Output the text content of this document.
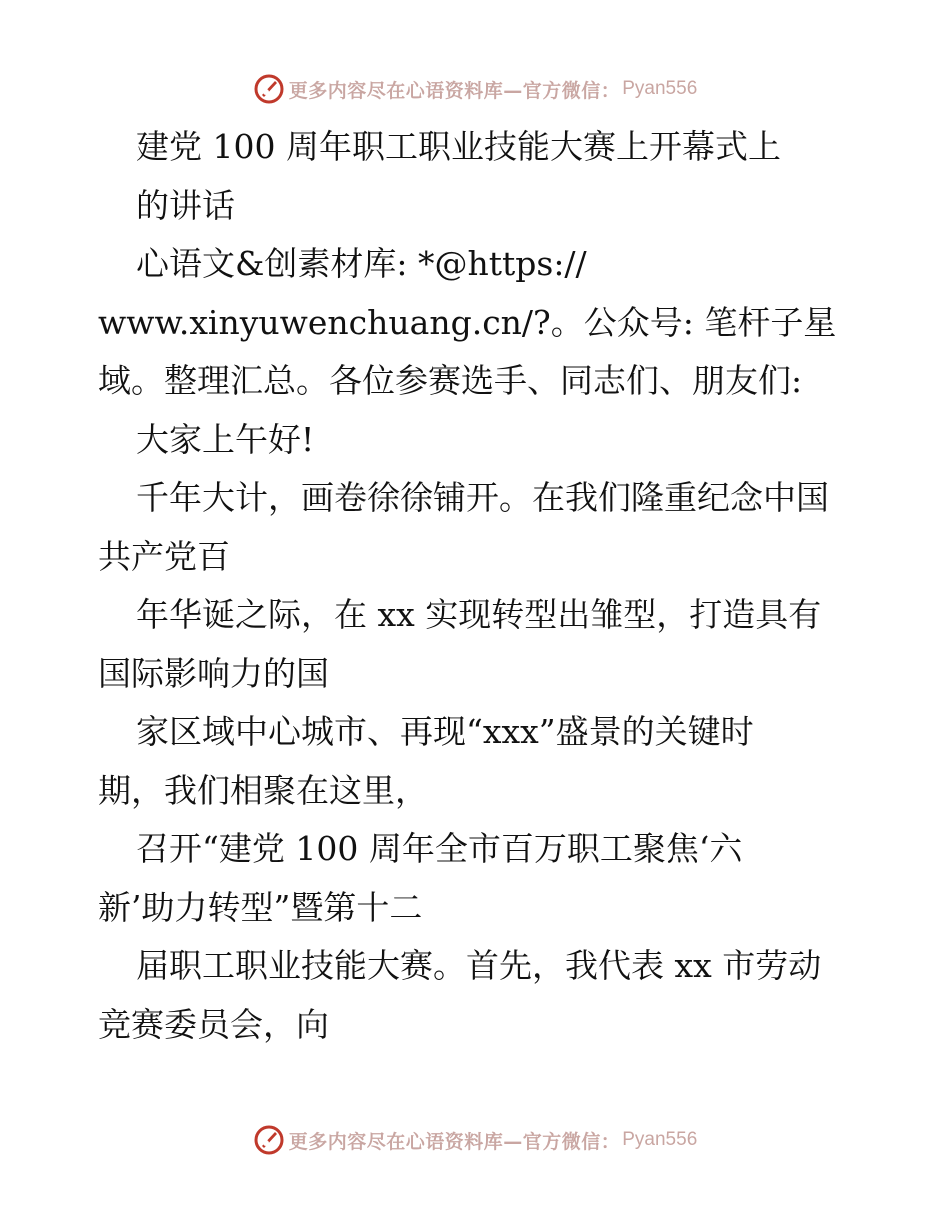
更多内容尽在心语资料库—官方微信： Pyan556
建党 100 周年职工职业技能大赛上开幕式上
的讲话
心语文&创素材库: *@https://
www.xinyuwenchuang.cn/?。公众号: 笔杆子星
域。整理汇总。各位参赛选手、同志们、朋友们:
大家上午好!
千年大计，画卷徐徐铺开。在我们隆重纪念中国
共产党百
年华诞之际，在 xx 实现转型出雏型，打造具有
国际影响力的国
家区域中心城市、再现“xxx”盛景的关键时
期，我们相聚在这里，
召开“建党 100 周年全市百万职工聚焦‘六
新’助力转型”暨第十二
届职工职业技能大赛。首先，我代表 xx 市劳动
竞赛委员会，向
更多内容尽在心语资料库—官方微信： Pyan556
